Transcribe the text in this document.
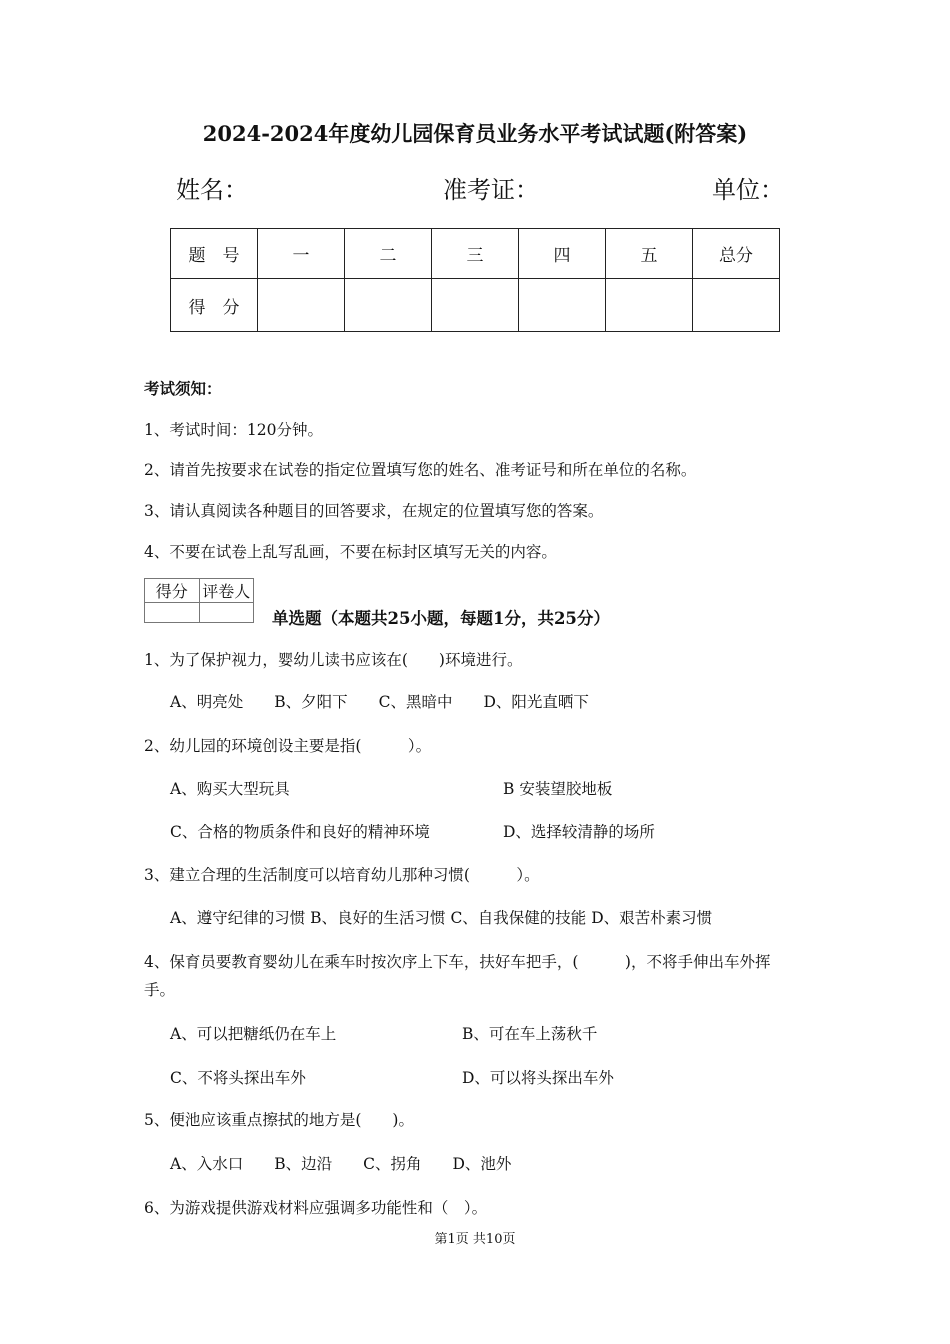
2024-2024年度幼儿园保育员业务水平考试试题(附答案)
姓名：	准考证：	单位：
题　号	一	二	三	四	五	总分
得　分						
考试须知：
1、考试时间：120分钟。
2、请首先按要求在试卷的指定位置填写您的姓名、准考证号和所在单位的名称。
3、请认真阅读各种题目的回答要求，在规定的位置填写您的答案。
4、不要在试卷上乱写乱画，不要在标封区填写无关的内容。
得分	评卷人

单选题（本题共25小题，每题1分，共25分）
1、为了保护视力，婴幼儿读书应该在(　　)环境进行。
A、明亮处　　B、夕阳下　　C、黑暗中　　D、阳光直晒下
2、幼儿园的环境创设主要是指(　　　）。
A、购买大型玩具	B 安装望胶地板
C、合格的物质条件和良好的精神环境	D、选择较清静的场所
3、建立合理的生活制度可以培育幼儿那种习惯(　　　）。
A、遵守纪律的习惯 B、良好的生活习惯 C、自我保健的技能 D、艰苦朴素习惯
4、保育员要教育婴幼儿在乘车时按次序上下车，扶好车把手，(　　　)，不将手伸出车外挥
手。
A、可以把糖纸仍在车上	B、可在车上荡秋千
C、不将头探出车外	D、可以将头探出车外
5、便池应该重点擦拭的地方是(　　)。
A、入水口　　B、边沿　　C、拐角　　D、池外
6、为游戏提供游戏材料应强调多功能性和（　）。
第1页 共10页
